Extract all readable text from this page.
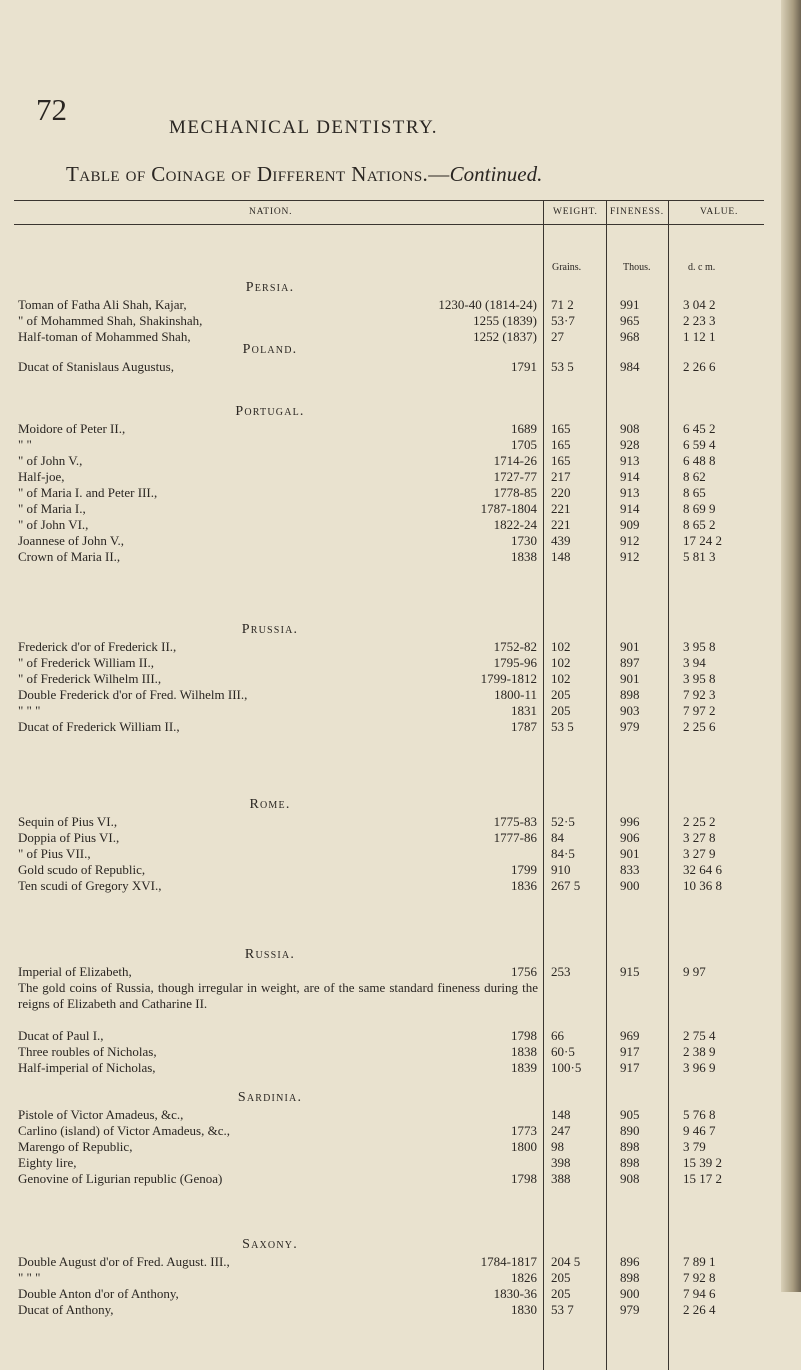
72
MECHANICAL DENTISTRY.
Table of Coinage of Different Nations.—Continued.
NATION.	WEIGHT. FINENESS.	VALUE.
Grains.	Thous.	d. c m.
Persia.
Toman of Fatha Ali Shah, Kajar,	1230-40 (1814-24) 71 2	991	3 04 2
" of Mohammed Shah, Shakinshah,	1255 (1839) 53·7	965	2 23 3
Half-toman of Mohammed Shah,	1252 (1837) 27	968	1 12 1
Poland.
Ducat of Stanislaus Augustus,	1791 53 5	984	2 26 6
Portugal.
Moidore of Peter II.,	1689 165	908	6 45 2
" "	1705 165	928	6 59 4
" of John V.,	1714-26 165	913	6 48 8
Half-joe,	1727-77 217	914	8 62
" of Maria I. and Peter III.,	1778-85 220	913	8 65
" of Maria I.,	1787-1804 221	914	8 69 9
" of John VI.,	1822-24 221	909	8 65 2
Joannese of John V.,	1730 439	912	17 24 2
Crown of Maria II.,	1838 148	912	5 81 3
Prussia.
Frederick d'or of Frederick II.,	1752-82 102	901	3 95 8
" of Frederick William II.,	1795-96 102	897	3 94
" of Frederick Wilhelm III.,	1799-1812 102	901	3 95 8
Double Frederick d'or of Fred. Wilhelm III.,	1800-11 205	898	7 92 3
" " "	1831 205	903	7 97 2
Ducat of Frederick William II.,	1787 53 5	979	2 25 6
Rome.
Sequin of Pius VI.,	1775-83 52·5	996	2 25 2
Doppia of Pius VI.,	1777-86 84	906	3 27 8
" of Pius VII.,	84·5	901	3 27 9
Gold scudo of Republic,	1799 910	833	32 64 6
Ten scudi of Gregory XVI.,	1836 267 5	900	10 36 8
Russia.
Imperial of Elizabeth,	1756 253	915	9 97
The gold coins of Russia, though irregular in weight, are of the same standard fineness during the reigns of Elizabeth and Catharine II.
Ducat of Paul I.,	1798 66	969	2 75 4
Three roubles of Nicholas,	1838 60·5	917	2 38 9
Half-imperial of Nicholas,	1839 100·5	917	3 96 9
Sardinia.
Pistole of Victor Amadeus, &c.,	148	905	5 76 8
Carlino (island) of Victor Amadeus, &c.,	1773 247	890	9 46 7
Marengo of Republic,	1800 98	898	3 79
Eighty lire,	398	898	15 39 2
Genovine of Ligurian republic (Genoa)	1798 388	908	15 17 2
Saxony.
Double August d'or of Fred. August. III.,	1784-1817 204 5	896	7 89 1
" " "	1826 205	898	7 92 8
Double Anton d'or of Anthony,	1830-36 205	900	7 94 6
Ducat of Anthony,	1830 53 7	979	2 26 4
